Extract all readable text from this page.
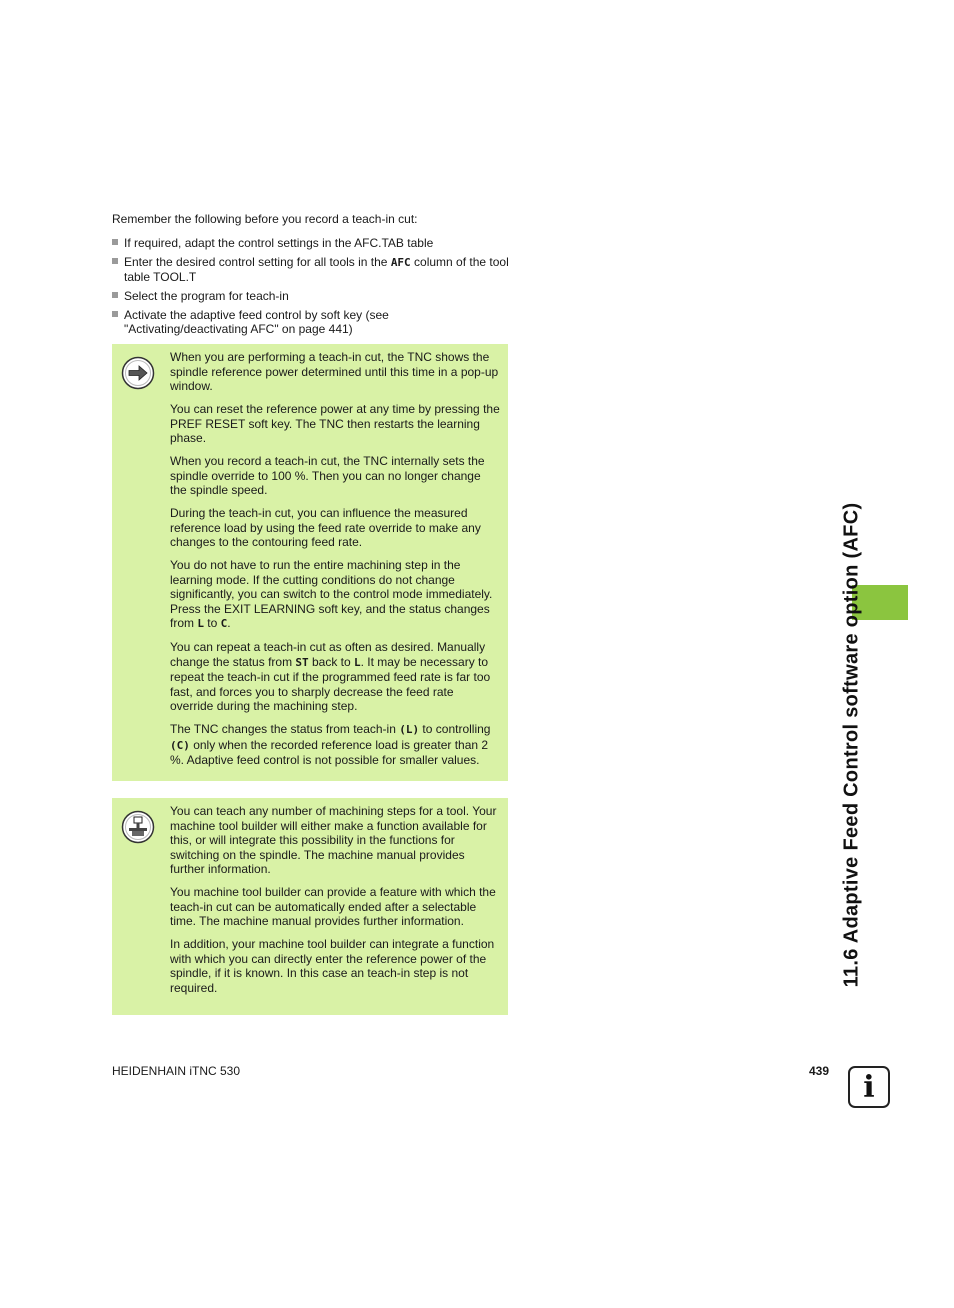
Remember the following before you record a teach-in cut:
If required, adapt the control settings in the AFC.TAB table
Enter the desired control setting for all tools in the AFC column of the tool table TOOL.T
Select the program for teach-in
Activate the adaptive feed control by soft key (see "Activating/deactivating AFC" on page 441)

When you are performing a teach-in cut, the TNC shows the spindle reference power determined until this time in a pop-up window.

You can reset the reference power at any time by pressing the PREF RESET soft key. The TNC then restarts the learning phase.

When you record a teach-in cut, the TNC internally sets the spindle override to 100 %. Then you can no longer change the spindle speed.

During the teach-in cut, you can influence the measured reference load by using the feed rate override to make any changes to the contouring feed rate.

You do not have to run the entire machining step in the learning mode. If the cutting conditions do not change significantly, you can switch to the control mode immediately. Press the EXIT LEARNING soft key, and the status changes from L to C.

You can repeat a teach-in cut as often as desired. Manually change the status from ST back to L. It may be necessary to repeat the teach-in cut if the programmed feed rate is far too fast, and forces you to sharply decrease the feed rate override during the machining step.

The TNC changes the status from teach-in (L) to controlling (C) only when the recorded reference load is greater than 2 %. Adaptive feed control is not possible for smaller values.

You can teach any number of machining steps for a tool. Your machine tool builder will either make a function available for this, or will integrate this possibility in the functions for switching on the spindle. The machine manual provides further information.

You machine tool builder can provide a feature with which the teach-in cut can be automatically ended after a selectable time. The machine manual provides further information.

In addition, your machine tool builder can integrate a function with which you can directly enter the reference power of the spindle, if it is known. In this case an teach-in step is not required.

11.6 Adaptive Feed Control software option (AFC)
HEIDENHAIN iTNC 530	439	i
